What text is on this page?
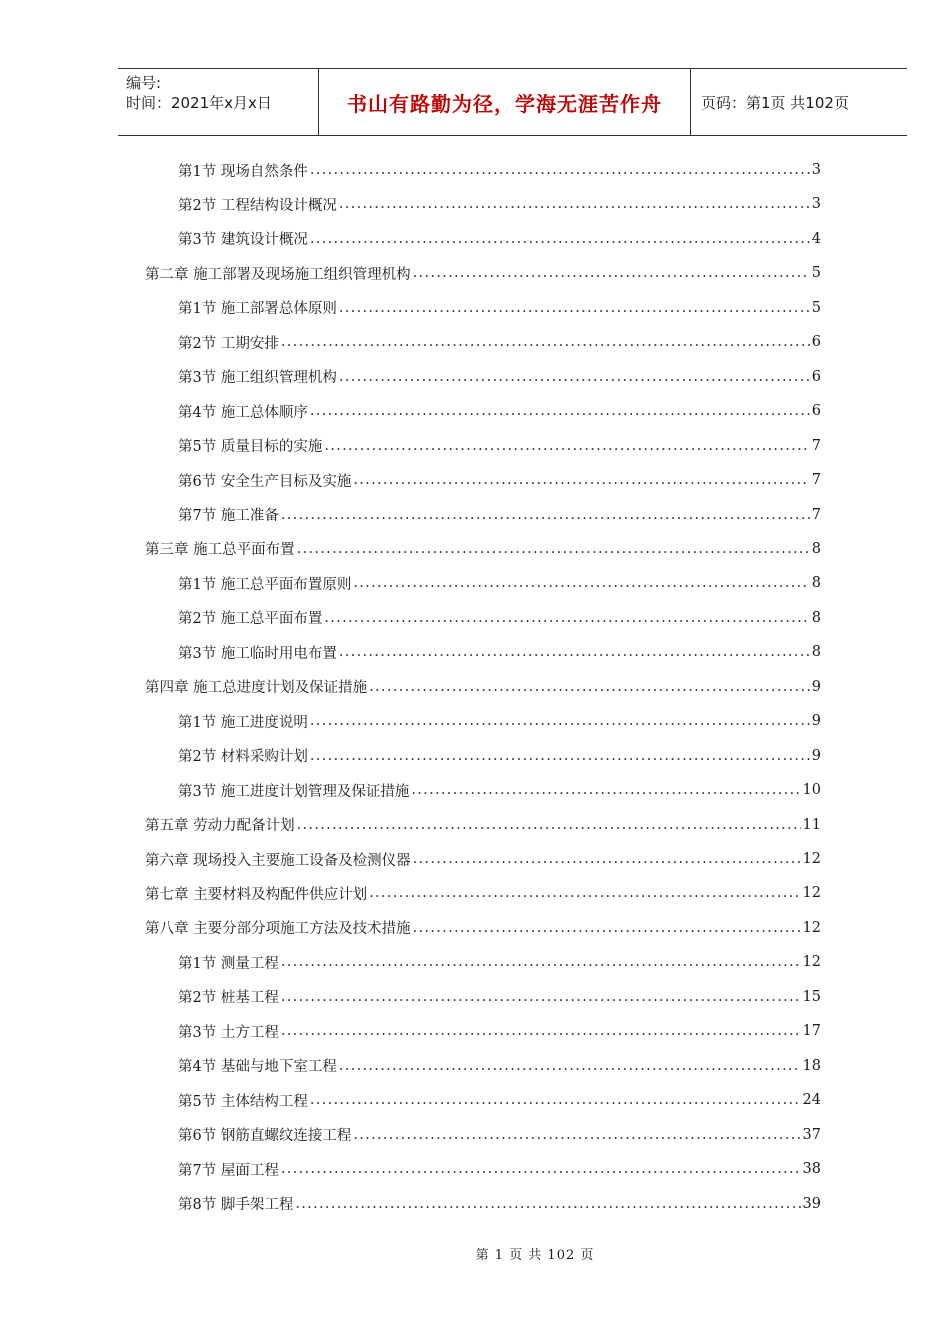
编号:
时间：2021年x月x日	书山有路勤为径，学海无涯苦作舟	页码：第1页 共102页
第1节 现场自然条件 .....	3
第2节 工程结构设计概况 .....	3
第3节 建筑设计概况 .....	4
第二章 施工部署及现场施工组织管理机构 .....	5
第1节 施工部署总体原则 .....	5
第2节 工期安排 .....	6
第3节 施工组织管理机构 .....	6
第4节 施工总体顺序 .....	6
第5节 质量目标的实施 .....	7
第6节 安全生产目标及实施 .....	7
第7节 施工准备 .....	7
第三章 施工总平面布置 .....	8
第1节 施工总平面布置原则 .....	8
第2节 施工总平面布置 .....	8
第3节 施工临时用电布置 .....	8
第四章 施工总进度计划及保证措施 .....	9
第1节 施工进度说明 .....	9
第2节 材料采购计划 .....	9
第3节 施工进度计划管理及保证措施 .....	10
第五章 劳动力配备计划 .....	11
第六章 现场投入主要施工设备及检测仪器 .....	12
第七章 主要材料及构配件供应计划 .....	12
第八章 主要分部分项施工方法及技术措施 .....	12
第1节 测量工程 .....	12
第2节 桩基工程 .....	15
第3节 土方工程 .....	17
第4节 基础与地下室工程 .....	18
第5节 主体结构工程 .....	24
第6节 钢筋直螺纹连接工程 .....	37
第7节 屋面工程 .....	38
第8节 脚手架工程 .....	39
第 1 页 共 102 页
